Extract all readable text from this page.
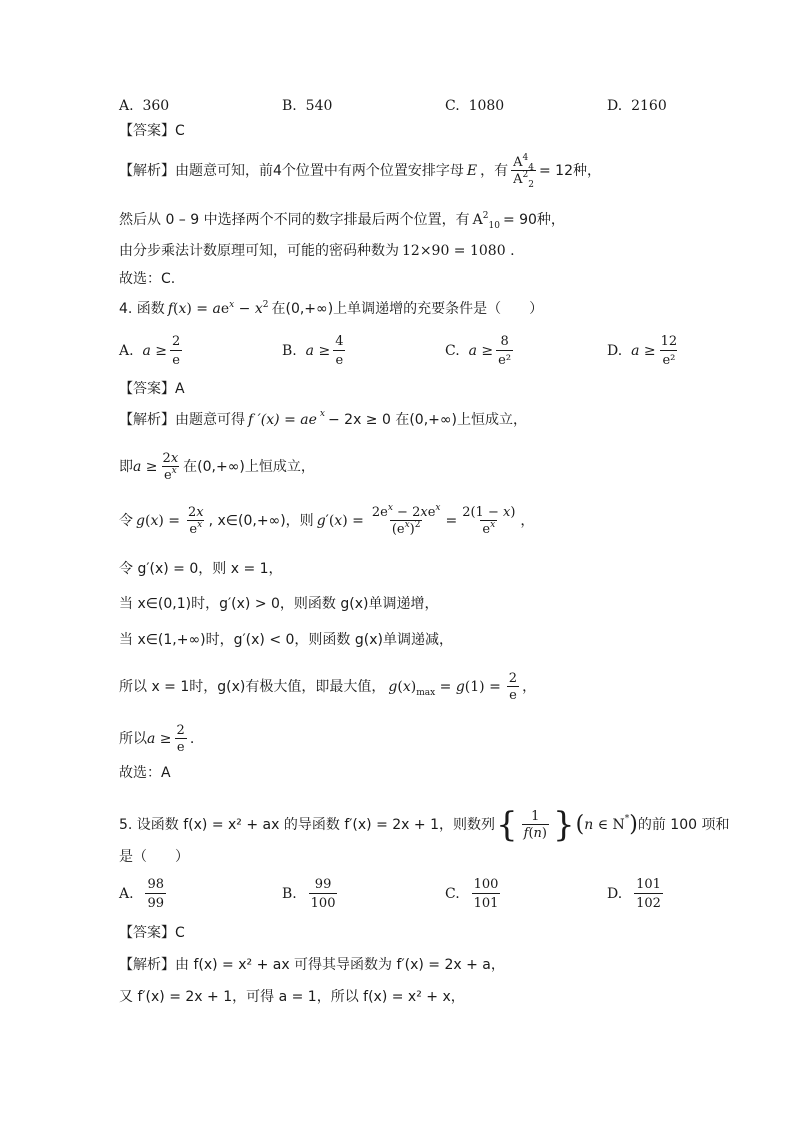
A.
360	B.
540	C.
1080	D.
2160
【答案】C
【解析】 由题意可知，前4个位置中有两个位置安排字母 E ，有 $\frac{A^4_4}{A^2_2} = 12$种，
然后从 0 – 9 中选择两个不同的数字排最后两个位置，有 $A^2_{10} = 90$种，
由分步乘法计数原理可知，可能的密码种数为 12×90 = 1080 .
故选：C.
4. 函数 $f(x) = ae^x - x^2$ 在(0,+∞)上单调递增的充要条件是（　　）
A.
$a \ge \frac{2}{e}$	B.
$a \ge \frac{4}{e}$	C.
$a \ge \frac{8}{\text{e²}}$	D.
$a \ge \frac{12}{\text{e²}}$
【答案】A
【解析】 由题意可得 f ′(x) = ae x − 2x ≥ 0 在(0,+∞)上恒成立，
即 $a \ge \frac{2x}{e^x}$ 在(0,+∞)上恒成立，
令 $g(x) = \frac{2x}{e^x}$ , x∈(0,+∞)，则 $g'(x) = \frac{2e^x - 2xe^x}{(e^x)^2} = \frac{2(1 - x)}{e^x}$ ，
令 g′(x) = 0，则 x = 1，
当 x∈(0,1)时，g′(x) > 0，则函数 g(x)单调递增，
当 x∈(1,+∞)时，g′(x) < 0，则函数 g(x)单调递减，
所以 x = 1时，g(x)有极大值，即最大值， $g(x)_{max} = g(1) = \frac{2}{e}$ ，
所以 $a \ge \frac{2}{e}$ .
故选：A
5. 设函数 f(x) = x² + ax 的导函数 f′(x) = 2x + 1，则数列 { $\frac{1}{f(n)}$ } ( n ∈ N * ) 的前 100 项和
是（　　）
A.
$\frac{98}{99}$	B.
$\frac{99}{100}$	C.
$\frac{100}{101}$	D.
$\frac{101}{102}$
【答案】C
【解析】 由 f(x) = x² + ax 可得其导函数为 f′(x) = 2x + a，
又 f′(x) = 2x + 1，可得 a = 1，所以 f(x) = x² + x，
